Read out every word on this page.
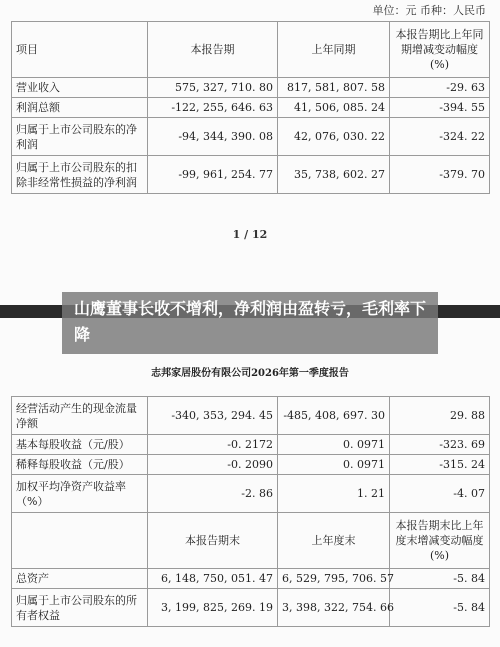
单位：元 币种：人民币
项目	本报告期	上年同期	本报告期比上年同期增减变动幅度(%)
营业收入	575, 327, 710. 80	817, 581, 807. 58	-29. 63
利润总额	-122, 255, 646. 63	41, 506, 085. 24	-394. 55
归属于上市公司股东的净利润	-94, 344, 390. 08	42, 076, 030. 22	-324. 22
归属于上市公司股东的扣除非经常性损益的净利润	-99, 961, 254. 77	35, 738, 602. 27	-379. 70
1 / 12
志邦家居股份有限公司2026年第一季度报告
经营活动产生的现金流量净额	-340, 353, 294. 45	-485, 408, 697. 30	29. 88
基本每股收益（元/股）	-0. 2172	0. 0971	-323. 69
稀释每股收益（元/股）	-0. 2090	0. 0971	-315. 24
加权平均净资产收益率（%）	-2. 86	1. 21	-4. 07
	本报告期末	上年度末	本报告期末比上年度末增减变动幅度(%)
总资产	6, 148, 750, 051. 47	6, 529, 795, 706. 57	-5. 84
归属于上市公司股东的所有者权益	3, 199, 825, 269. 19	3, 398, 322, 754. 66	-5. 84
山鹰董事长收不增利，净利润由盈转亏，毛利率下降
